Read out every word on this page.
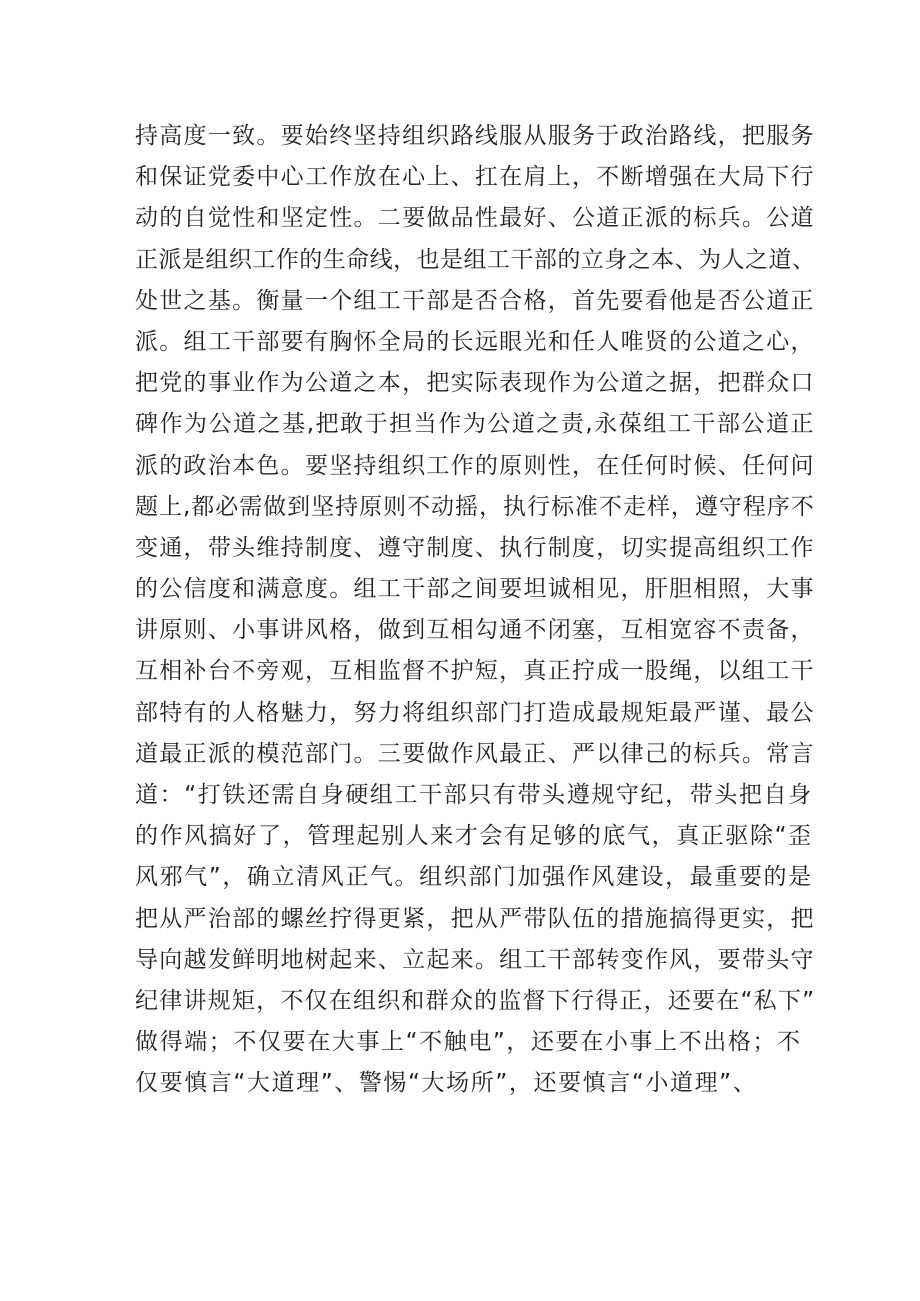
持高度一致。要始终坚持组织路线服从服务于政治路线，把服务
和保证党委中心工作放在心上、扛在肩上，不断增强在大局下行
动的自觉性和坚定性。二要做品性最好、公道正派的标兵。公道
正派是组织工作的生命线，也是组工干部的立身之本、为人之道、
处世之基。衡量一个组工干部是否合格，首先要看他是否公道正
派。组工干部要有胸怀全局的长远眼光和任人唯贤的公道之心，
把党的事业作为公道之本，把实际表现作为公道之据，把群众口
碑作为公道之基,把敢于担当作为公道之责,永葆组工干部公道正
派的政治本色。要坚持组织工作的原则性，在任何时候、任何问
题上,都必需做到坚持原则不动摇，执行标准不走样，遵守程序不
变通，带头维持制度、遵守制度、执行制度，切实提高组织工作
的公信度和满意度。组工干部之间要坦诚相见，肝胆相照，大事
讲原则、小事讲风格，做到互相勾通不闭塞，互相宽容不责备，
互相补台不旁观，互相监督不护短，真正拧成一股绳，以组工干
部特有的人格魅力，努力将组织部门打造成最规矩最严谨、最公
道最正派的模范部门。三要做作风最正、严以律己的标兵。常言
道：“打铁还需自身硬组工干部只有带头遵规守纪，带头把自身
的作风搞好了，管理起别人来才会有足够的底气，真正驱除“歪
风邪气”，确立清风正气。组织部门加强作风建设，最重要的是
把从严治部的螺丝拧得更紧，把从严带队伍的措施搞得更实，把
导向越发鲜明地树起来、立起来。组工干部转变作风，要带头守
纪律讲规矩，不仅在组织和群众的监督下行得正，还要在“私下”
做得端；不仅要在大事上“不触电”，还要在小事上不出格；不
仅要慎言“大道理”、警惕“大场所”，还要慎言“小道理”、
